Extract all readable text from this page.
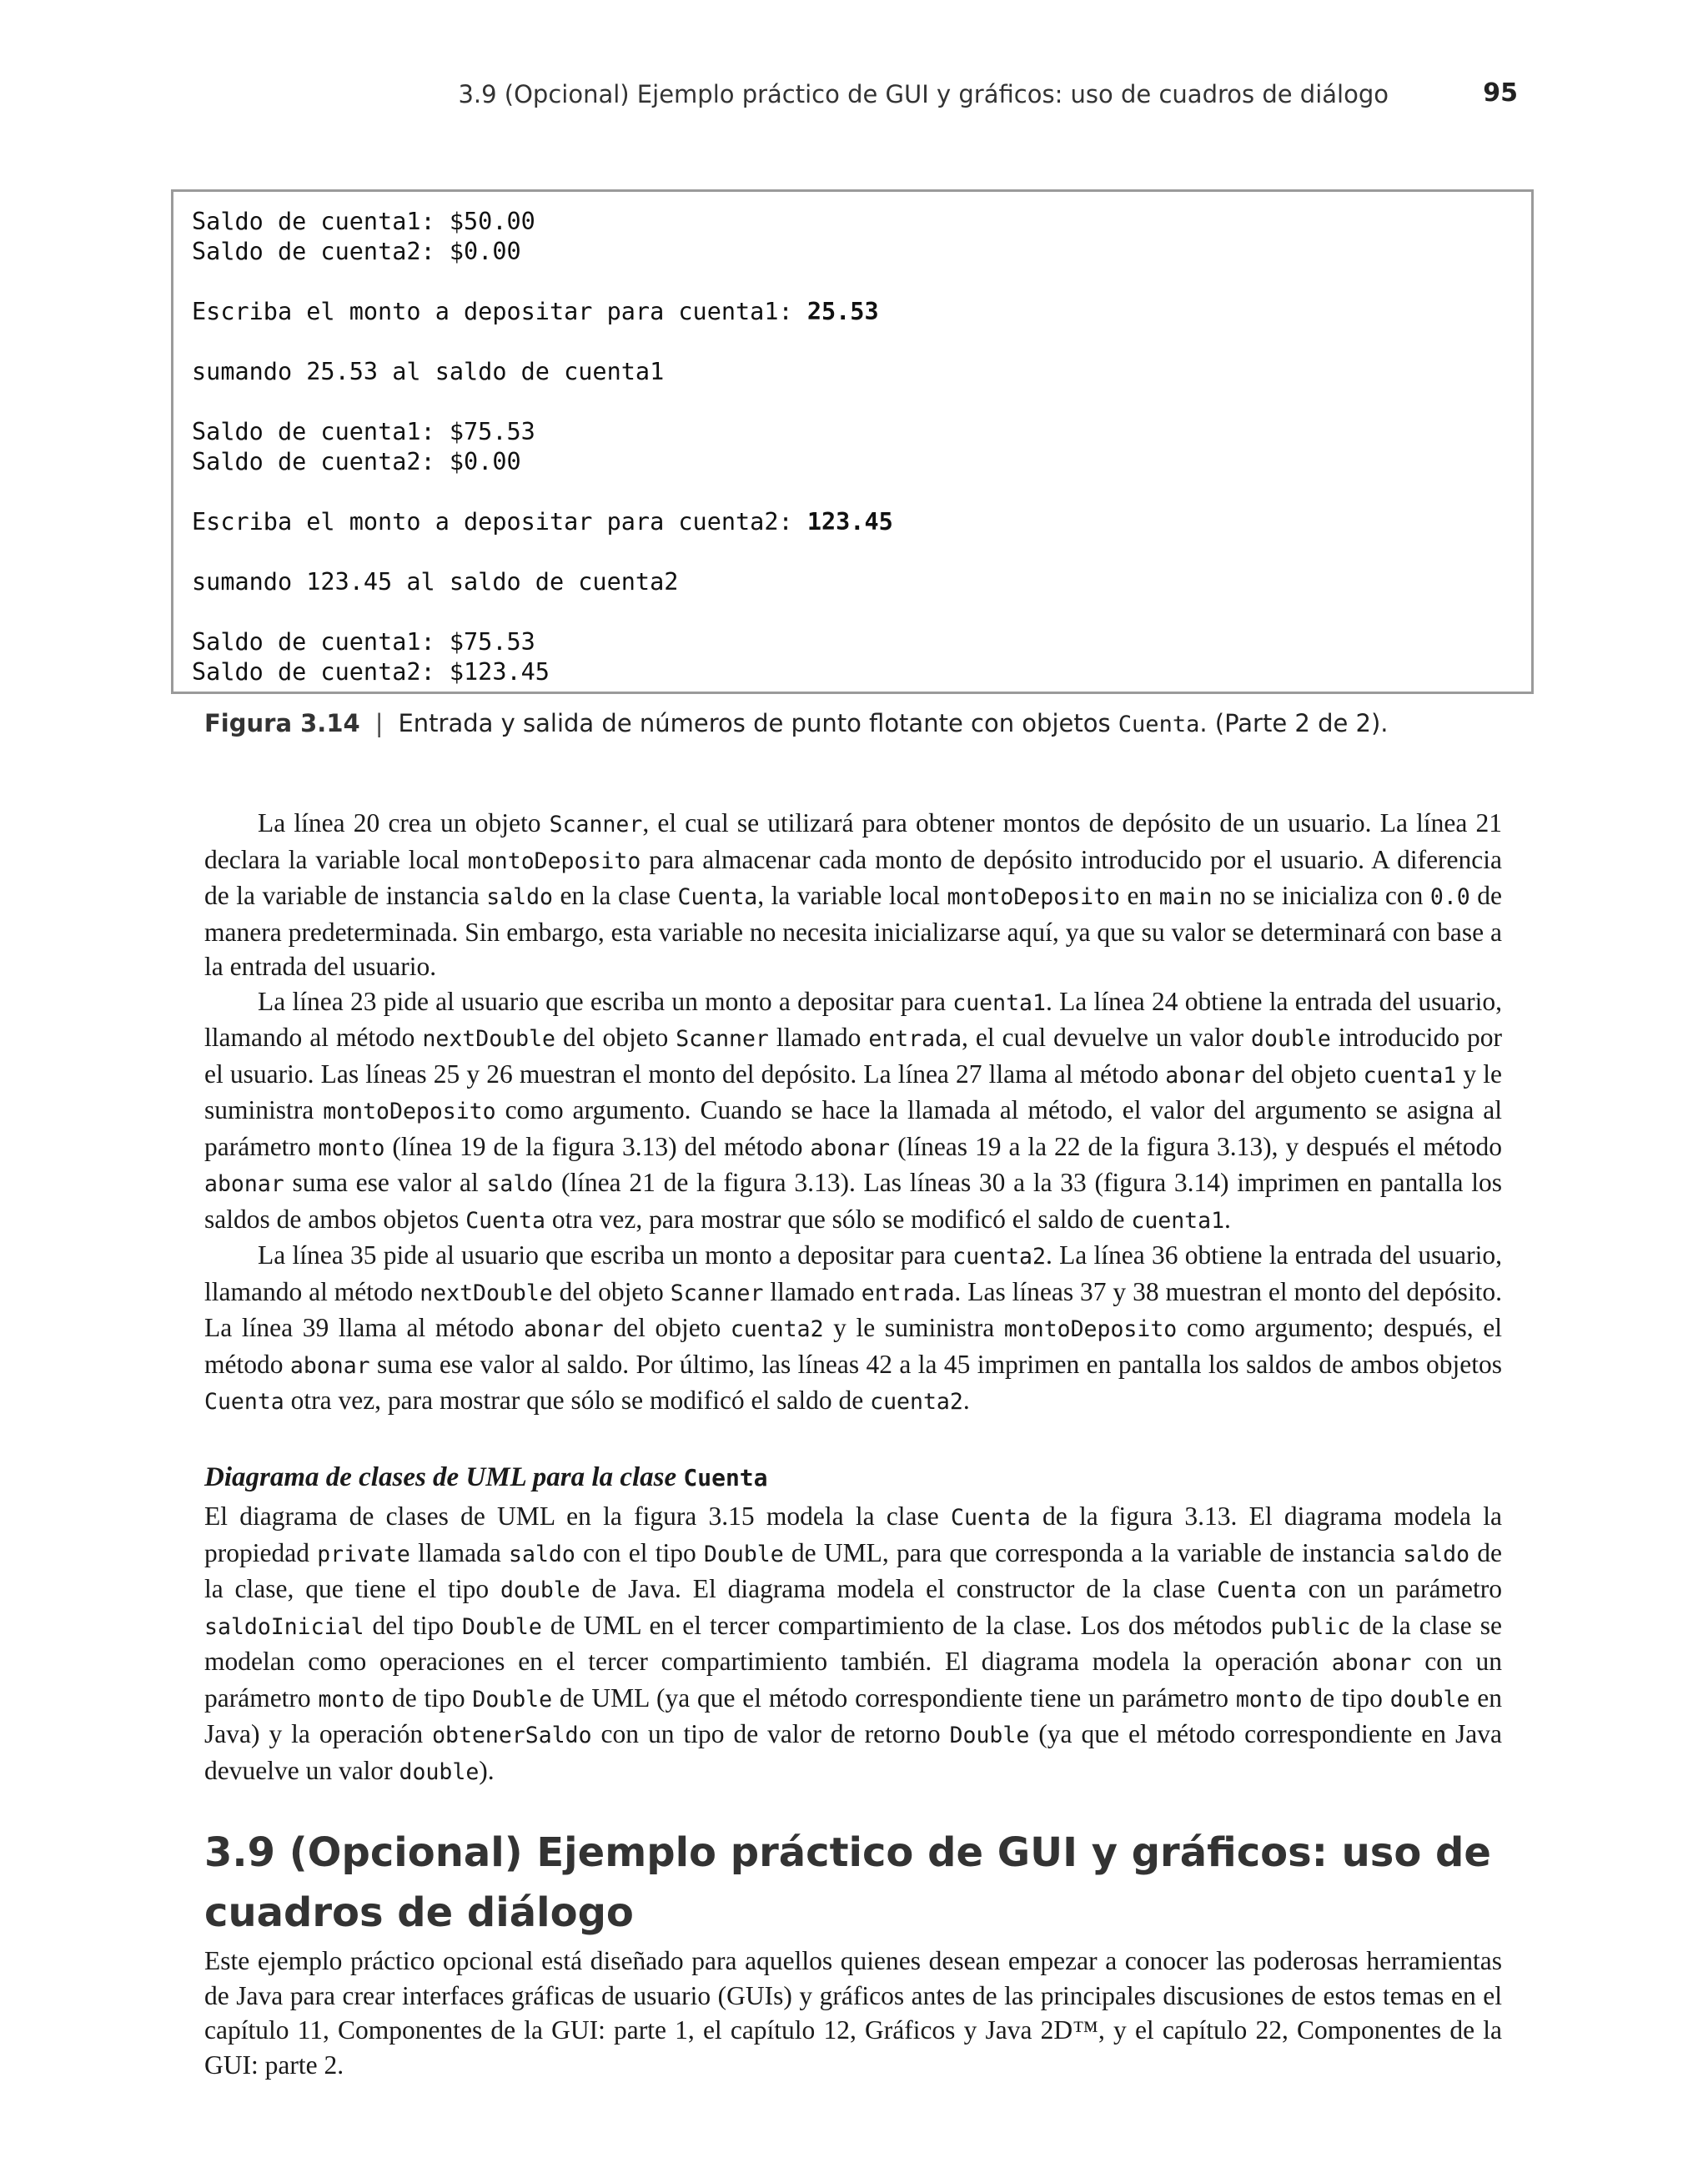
3.9 (Opcional) Ejemplo práctico de GUI y gráficos: uso de cuadros de diálogo	95
Saldo de cuenta1: $50.00
Saldo de cuenta2: $0.00
Escriba el monto a depositar para cuenta1: 25.53
sumando 25.53 al saldo de cuenta1
Saldo de cuenta1: $75.53
Saldo de cuenta2: $0.00
Escriba el monto a depositar para cuenta2: 123.45
sumando 123.45 al saldo de cuenta2
Saldo de cuenta1: $75.53
Saldo de cuenta2: $123.45
Figura 3.14 | Entrada y salida de números de punto flotante con objetos Cuenta. (Parte 2 de 2).

La línea 20 crea un objeto Scanner, el cual se utilizará para obtener montos de depósito de un usuario. La línea 21 declara la variable local montoDeposito para almacenar cada monto de depósito introducido por el usuario. A diferencia de la variable de instancia saldo en la clase Cuenta, la variable local montoDeposito en main no se inicializa con 0.0 de manera predeterminada. Sin embargo, esta variable no necesita inicializarse aquí, ya que su valor se determinará con base a la entrada del usuario.

La línea 23 pide al usuario que escriba un monto a depositar para cuenta1. La línea 24 obtiene la entrada del usuario, llamando al método nextDouble del objeto Scanner llamado entrada, el cual devuelve un valor double introducido por el usuario. Las líneas 25 y 26 muestran el monto del depósito. La línea 27 llama al método abonar del objeto cuenta1 y le suministra montoDeposito como argumento. Cuando se hace la llamada al método, el valor del argumento se asigna al parámetro monto (línea 19 de la figura 3.13) del método abonar (líneas 19 a la 22 de la figura 3.13), y después el método abonar suma ese valor al saldo (línea 21 de la figura 3.13). Las líneas 30 a la 33 (figura 3.14) imprimen en pantalla los saldos de ambos objetos Cuenta otra vez, para mostrar que sólo se modificó el saldo de cuenta1.

La línea 35 pide al usuario que escriba un monto a depositar para cuenta2. La línea 36 obtiene la entrada del usuario, llamando al método nextDouble del objeto Scanner llamado entrada. Las líneas 37 y 38 muestran el monto del depósito. La línea 39 llama al método abonar del objeto cuenta2 y le suministra montoDeposito como argumento; después, el método abonar suma ese valor al saldo. Por último, las líneas 42 a la 45 imprimen en pantalla los saldos de ambos objetos Cuenta otra vez, para mostrar que sólo se modificó el saldo de cuenta2.

Diagrama de clases de UML para la clase Cuenta

El diagrama de clases de UML en la figura 3.15 modela la clase Cuenta de la figura 3.13. El diagrama modela la propiedad private llamada saldo con el tipo Double de UML, para que corresponda a la variable de instancia saldo de la clase, que tiene el tipo double de Java. El diagrama modela el constructor de la clase Cuenta con un parámetro saldoInicial del tipo Double de UML en el tercer compartimiento de la clase. Los dos métodos public de la clase se modelan como operaciones en el tercer compartimiento también. El diagrama modela la operación abonar con un parámetro monto de tipo Double de UML (ya que el método correspondiente tiene un parámetro monto de tipo double en Java) y la operación obtenerSaldo con un tipo de valor de retorno Double (ya que el método correspondiente en Java devuelve un valor double).

3.9 (Opcional) Ejemplo práctico de GUI y gráficos: uso de cuadros de diálogo

Este ejemplo práctico opcional está diseñado para aquellos quienes desean empezar a conocer las poderosas herramientas de Java para crear interfaces gráficas de usuario (GUIs) y gráficos antes de las principales discusiones de estos temas en el capítulo 11, Componentes de la GUI: parte 1, el capítulo 12, Gráficos y Java 2D™, y el capítulo 22, Componentes de la GUI: parte 2.
